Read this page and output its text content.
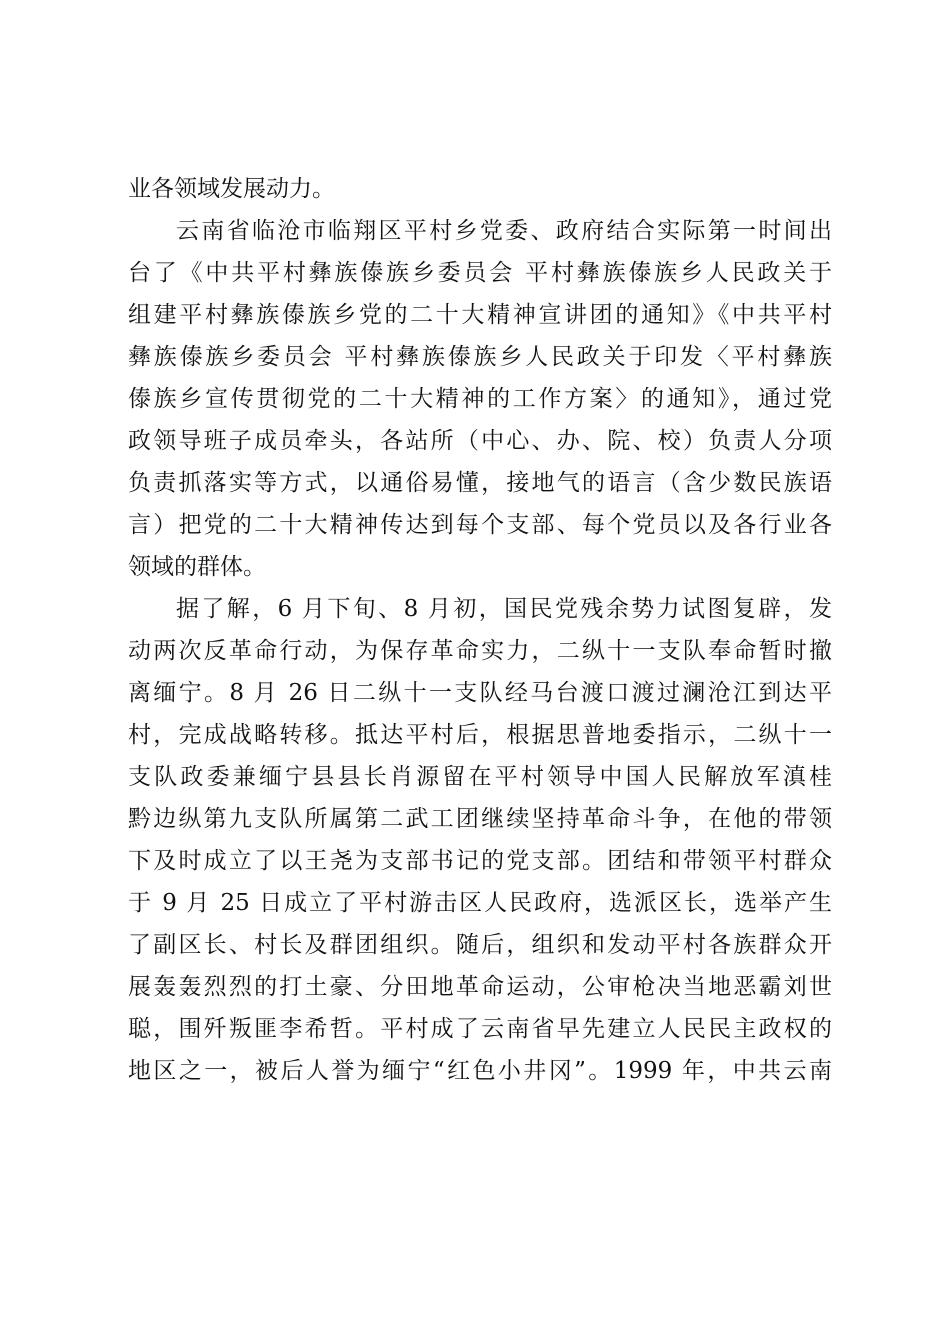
业各领域发展动力。
云南省临沧市临翔区平村乡党委、政府结合实际第一时间出
台了《中共平村彝族傣族乡委员会 平村彝族傣族乡人民政关于
组建平村彝族傣族乡党的二十大精神宣讲团的通知》《中共平村
彝族傣族乡委员会 平村彝族傣族乡人民政关于印发〈平村彝族
傣族乡宣传贯彻党的二十大精神的工作方案〉的通知》，通过党
政领导班子成员牵头，各站所（中心、办、院、校）负责人分项
负责抓落实等方式，以通俗易懂，接地气的语言（含少数民族语
言）把党的二十大精神传达到每个支部、每个党员以及各行业各
领域的群体。
据了解，6 月下旬、8 月初，国民党残余势力试图复辟，发
动两次反革命行动，为保存革命实力，二纵十一支队奉命暂时撤
离缅宁。8 月 26 日二纵十一支队经马台渡口渡过澜沧江到达平
村，完成战略转移。抵达平村后，根据思普地委指示，二纵十一
支队政委兼缅宁县县长肖源留在平村领导中国人民解放军滇桂
黔边纵第九支队所属第二武工团继续坚持革命斗争，在他的带领
下及时成立了以王尧为支部书记的党支部。团结和带领平村群众
于 9 月 25 日成立了平村游击区人民政府，选派区长，选举产生
了副区长、村长及群团组织。随后，组织和发动平村各族群众开
展轰轰烈烈的打土豪、分田地革命运动，公审枪决当地恶霸刘世
聪，围歼叛匪李希哲。平村成了云南省早先建立人民民主政权的
地区之一，被后人誉为缅宁“红色小井冈”。1999 年，中共云南
